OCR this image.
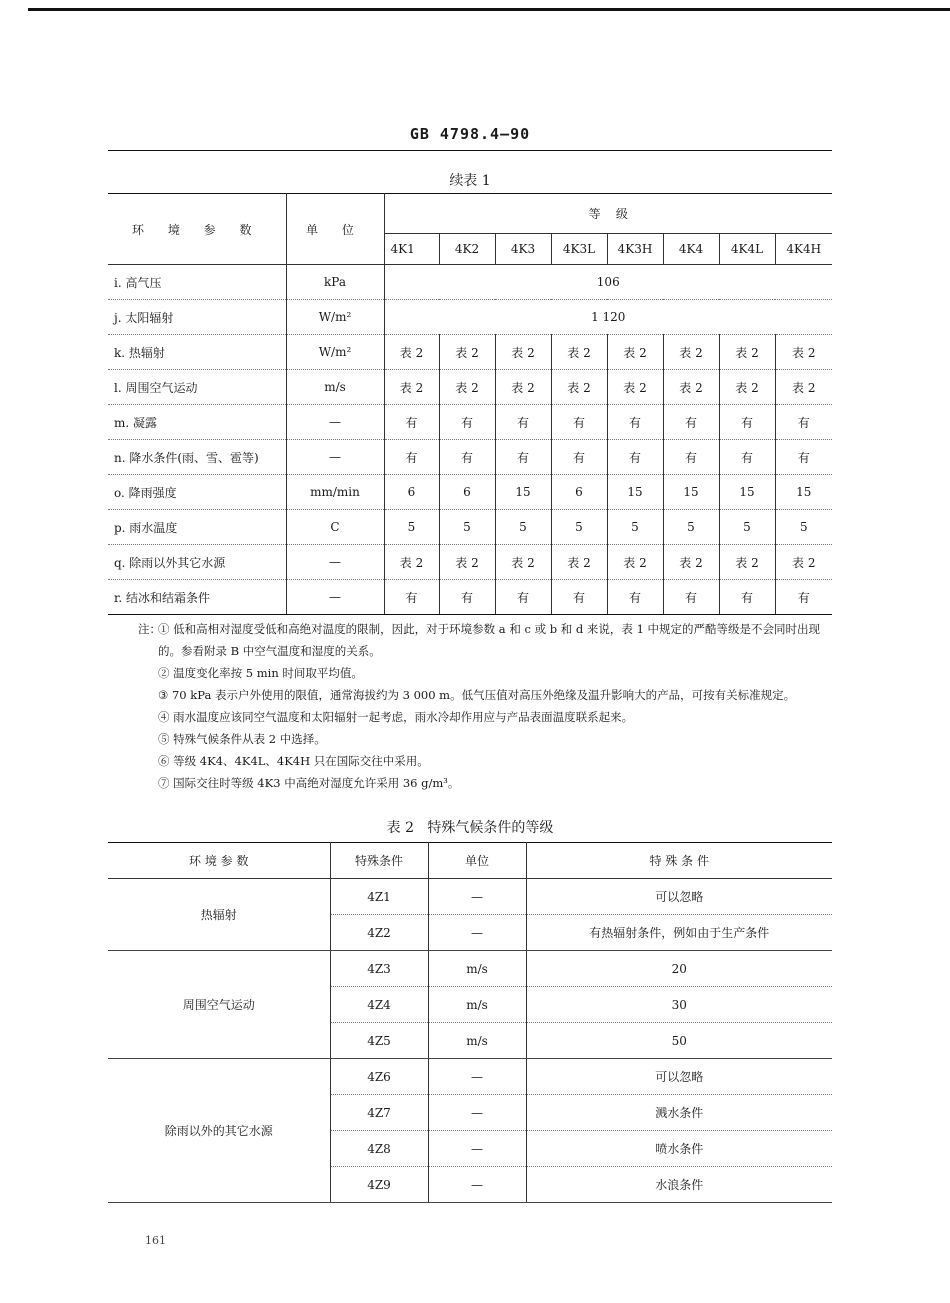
GB 4798.4—90
续表 1
环 境 参 数	单 位	等    级							
		4K1	4K2	4K3	4K3L	4K3H	4K4	4K4L	4K4H
i. 高气压	kPa	106							
j. 太阳辐射	W/m²	1 120							
k. 热辐射	W/m²	表 2	表 2	表 2	表 2	表 2	表 2	表 2	表 2
l. 周围空气运动	m/s	表 2	表 2	表 2	表 2	表 2	表 2	表 2	表 2
m. 凝露	—	有	有	有	有	有	有	有	有
n. 降水条件(雨、雪、雹等)	—	有	有	有	有	有	有	有	有
o. 降雨强度	mm/min	6	6	15	6	15	15	15	15
p. 雨水温度	C	5	5	5	5	5	5	5	5
q. 除雨以外其它水源	—	表 2	表 2	表 2	表 2	表 2	表 2	表 2	表 2
r. 结冰和结霜条件	—	有	有	有	有	有	有	有	有
注：
① 低和高相对湿度受低和高绝对温度的限制，因此，对于环境参数 a 和 c 或 b 和 d 来说，表 1 中规定的严酷等级是不会同时出现的。参看附录 B 中空气温度和湿度的关系。
② 温度变化率按 5 min 时间取平均值。
③ 70 kPa 表示户外使用的限值，通常海拔约为 3 000 m。低气压值对高压外绝缘及温升影响大的产品，可按有关标准规定。
④ 雨水温度应该同空气温度和太阳辐射一起考虑，雨水冷却作用应与产品表面温度联系起来。
⑤ 特殊气候条件从表 2 中选择。
⑥ 等级 4K4、4K4L、4K4H 只在国际交往中采用。
⑦ 国际交往时等级 4K3 中高绝对湿度允许采用 36 g/m³。
表 2   特殊气候条件的等级
环 境 参 数	特殊条件	单位	特 殊 条 件
热辐射	4Z1	—	可以忽略
	4Z2	—	有热辐射条件，例如由于生产条件
周围空气运动	4Z3	m/s	20
	4Z4	m/s	30
	4Z5	m/s	50
除雨以外的其它水源	4Z6	—	可以忽略
	4Z7	—	溅水条件
	4Z8	—	喷水条件
	4Z9	—	水浪条件
161
